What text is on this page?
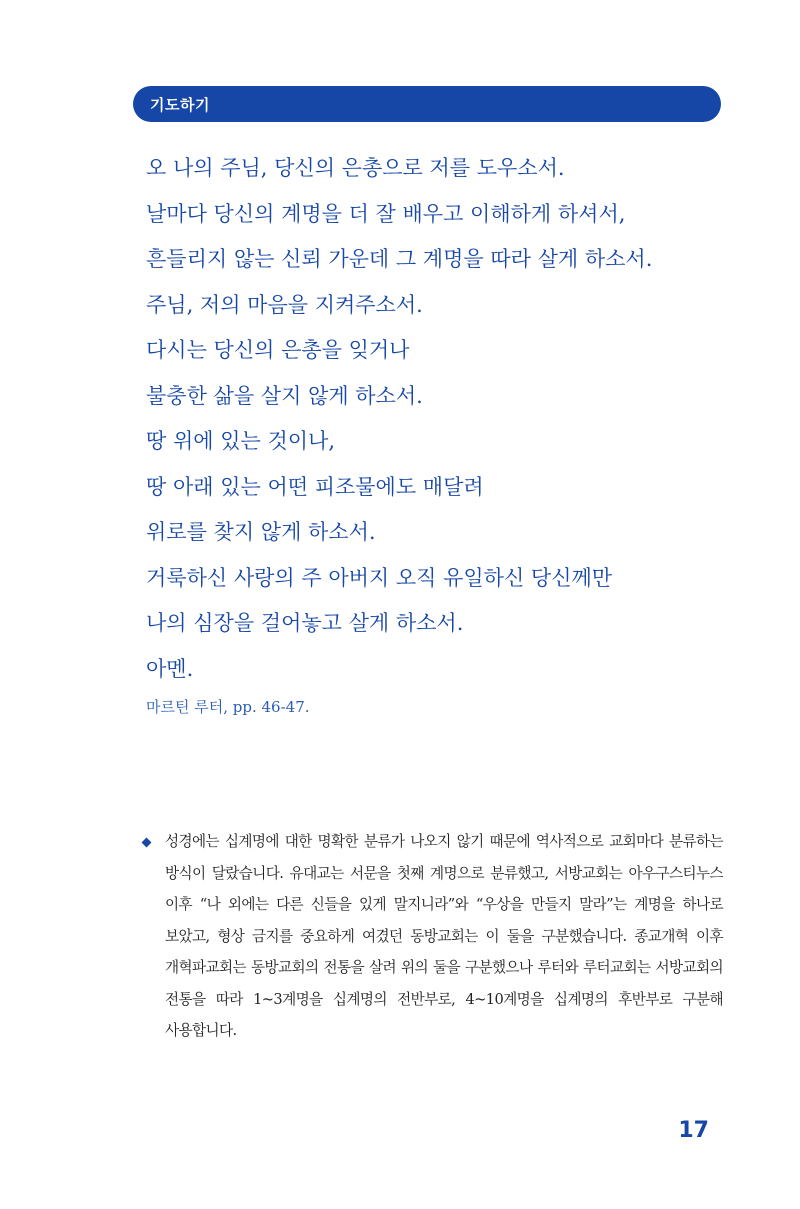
기도하기
오 나의 주님, 당신의 은총으로 저를 도우소서.
날마다 당신의 계명을 더 잘 배우고 이해하게 하셔서,
흔들리지 않는 신뢰 가운데 그 계명을 따라 살게 하소서.
주님, 저의 마음을 지켜주소서.
다시는 당신의 은총을 잊거나
불충한 삶을 살지 않게 하소서.
땅 위에 있는 것이나,
땅 아래 있는 어떤 피조물에도 매달려
위로를 찾지 않게 하소서.
거룩하신 사랑의 주 아버지 오직 유일하신 당신께만
나의 심장을 걸어놓고 살게 하소서.
아멘.
마르틴 루터, pp. 46-47.

성경에는 십계명에 대한 명확한 분류가 나오지 않기 때문에 역사적으로 교회마다 분류하는 방식이 달랐습니다. 유대교는 서문을 첫째 계명으로 분류했고, 서방교회는 아우구스티누스 이후 “나 외에는 다른 신들을 있게 말지니라”와 “우상을 만들지 말라”는 계명을 하나로 보았고, 형상 금지를 중요하게 여겼던 동방교회는 이 둘을 구분했습니다. 종교개혁 이후 개혁파교회는 동방교회의 전통을 살려 위의 둘을 구분했으나 루터와 루터교회는 서방교회의 전통을 따라 1~3계명을 십계명의 전반부로, 4~10계명을 십계명의 후반부로 구분해 사용합니다.

17
